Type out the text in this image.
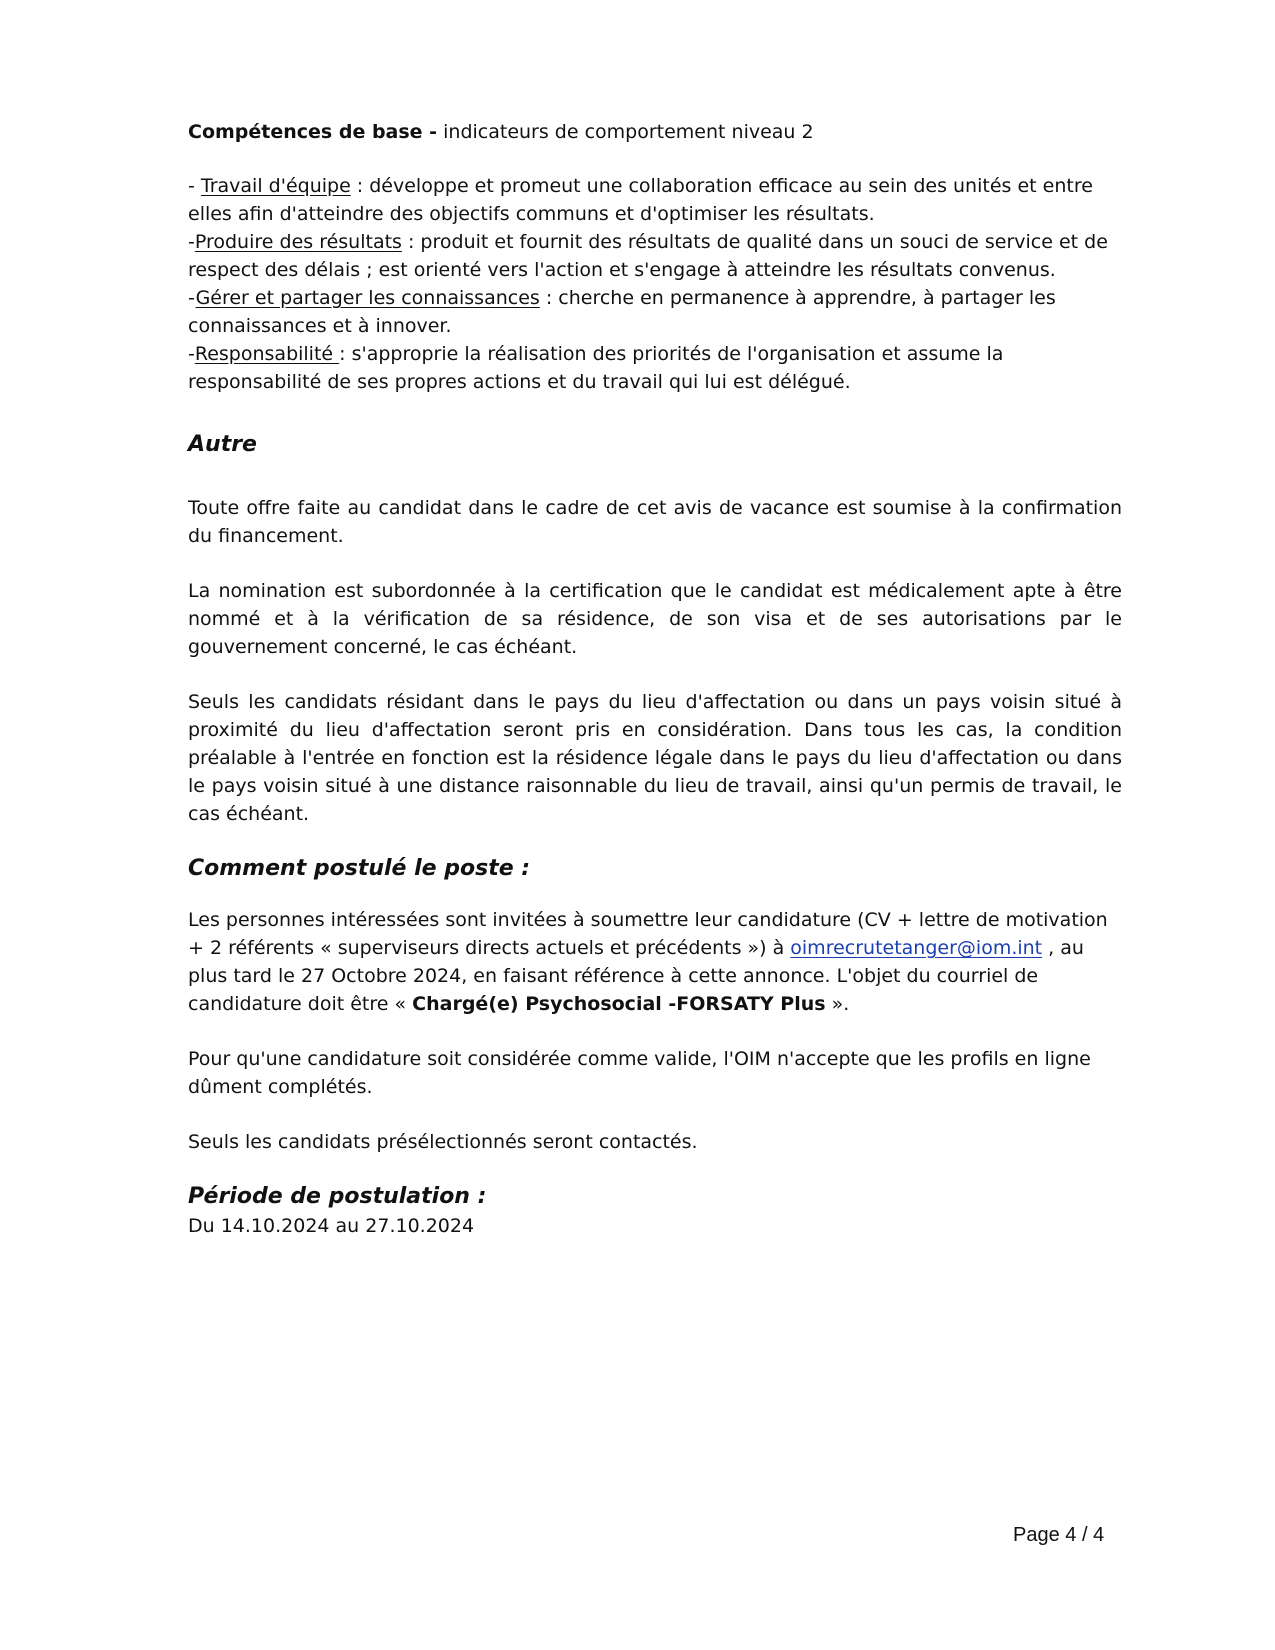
Compétences de base - indicateurs de comportement niveau 2

- Travail d'équipe : développe et promeut une collaboration efficace au sein des unités et entre elles afin d'atteindre des objectifs communs et d'optimiser les résultats.

-Produire des résultats : produit et fournit des résultats de qualité dans un souci de service et de respect des délais ; est orienté vers l'action et s'engage à atteindre les résultats convenus.

-Gérer et partager les connaissances : cherche en permanence à apprendre, à partager les connaissances et à innover.

-Responsabilité : s'approprie la réalisation des priorités de l'organisation et assume la responsabilité de ses propres actions et du travail qui lui est délégué.

Autre

Toute offre faite au candidat dans le cadre de cet avis de vacance est soumise à la confirmation du financement.

La nomination est subordonnée à la certification que le candidat est médicalement apte à être nommé et à la vérification de sa résidence, de son visa et de ses autorisations par le gouvernement concerné, le cas échéant.

Seuls les candidats résidant dans le pays du lieu d'affectation ou dans un pays voisin situé à proximité du lieu d'affectation seront pris en considération. Dans tous les cas, la condition préalable à l'entrée en fonction est la résidence légale dans le pays du lieu d'affectation ou dans le pays voisin situé à une distance raisonnable du lieu de travail, ainsi qu'un permis de travail, le cas échéant.

Comment postulé le poste :

Les personnes intéressées sont invitées à soumettre leur candidature (CV + lettre de motivation + 2 référents « superviseurs directs actuels et précédents ») à oimrecrutetanger@iom.int , au plus tard le 27 Octobre 2024, en faisant référence à cette annonce. L'objet du courriel de candidature doit être « Chargé(e) Psychosocial -FORSATY Plus ».

Pour qu'une candidature soit considérée comme valide, l'OIM n'accepte que les profils en ligne dûment complétés.

Seuls les candidats présélectionnés seront contactés.

Période de postulation :

Du 14.10.2024 au 27.10.2024

Page 4 / 4
